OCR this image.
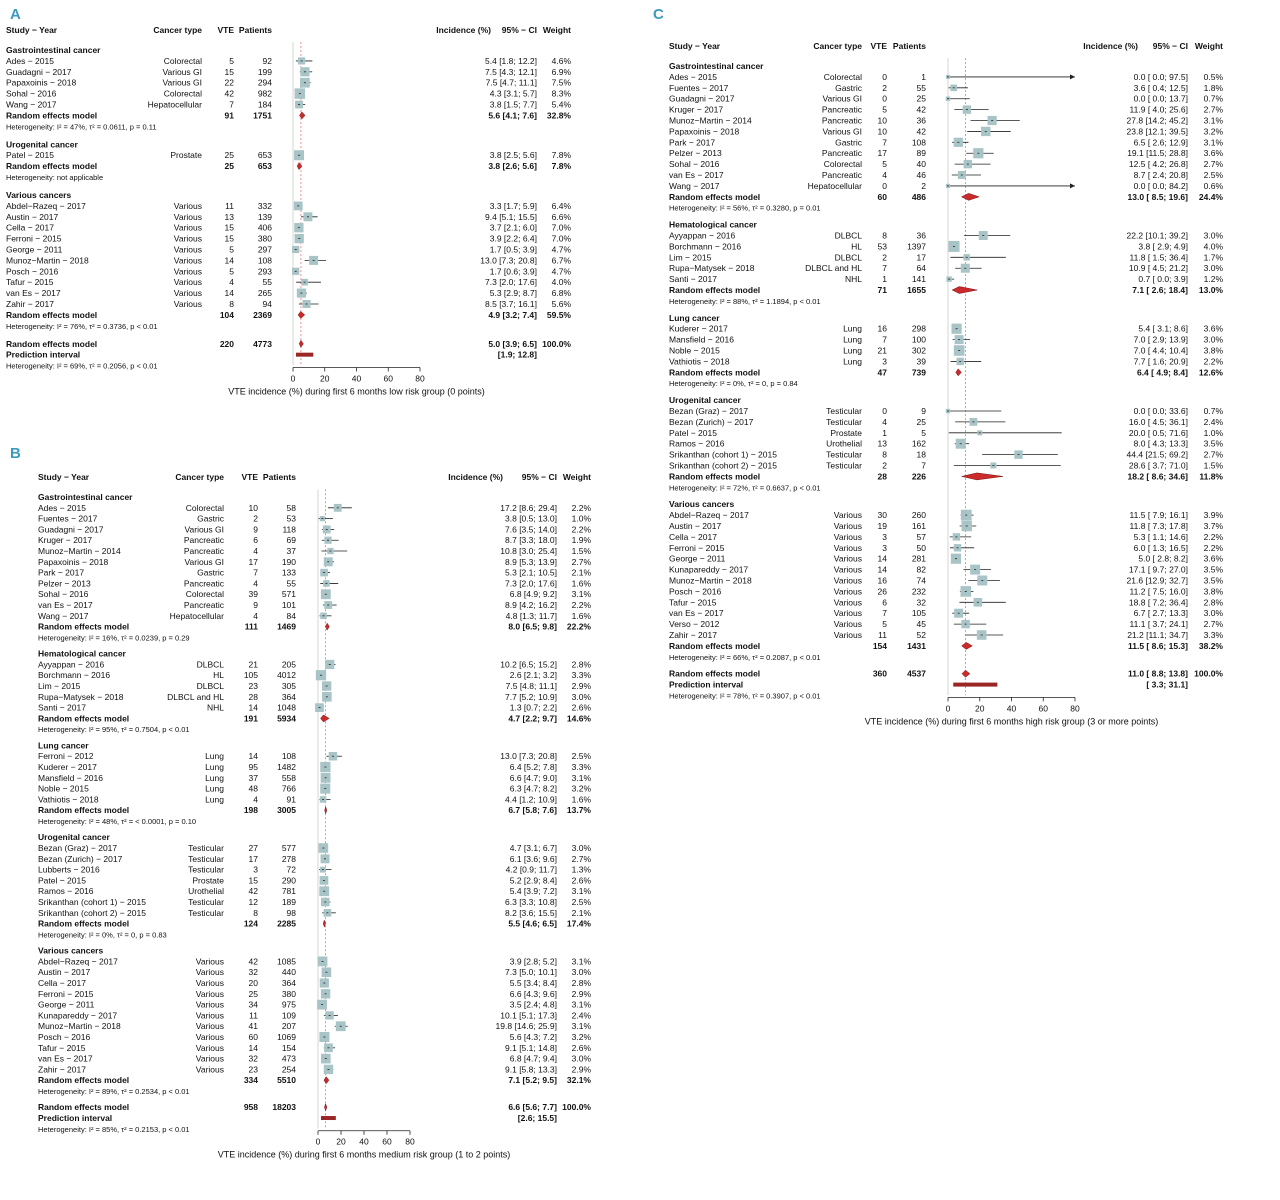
A
Study − Year	Cancer type VTE Patients	Incidence (%) 95% − CI Weight
Gastrointestinal cancer
Ades − 2015	Colorectal	5	92	5.4 [1.8; 12.2] 4.6%
Guadagni − 2017	Various GI	15	199	7.5 [4.3; 12.1] 6.9%
Papaxoinis − 2018	Various GI	22	294	7.5 [4.7; 11.1] 7.5%
Sohal − 2016	Colorectal	42	982	4.3 [3.1; 5.7] 8.3%
Wang − 2017	Hepatocellular	7	184	3.8 [1.5; 7.7] 5.4%
Random effects model	91 1751	5.6 [4.1; 7.6] 32.8%
Heterogeneity: I² = 47%, τ² = 0.0611, p = 0.11
Urogenital cancer
Patel − 2015	Prostate	25	653	3.8 [2.5; 5.6] 7.8%
Random effects model	25	653	3.8 [2.6; 5.6] 7.8%
Heterogeneity: not applicable
Various cancers
Abdel−Razeq − 2017	Various	11	332	3.3 [1.7; 5.9] 6.4%
Austin − 2017	Various	13	139	9.4 [5.1; 15.5] 6.6%
Cella − 2017	Various	15	406	3.7 [2.1; 6.0] 7.0%
Ferroni − 2015	Various	15	380	3.9 [2.2; 6.4] 7.0%
George − 2011	Various	5	297	1.7 [0.5; 3.9] 4.7%
Munoz−Martin − 2018	Various	14	108	13.0 [7.3; 20.8] 6.7%
Posch − 2016	Various	5	293	1.7 [0.6; 3.9] 4.7%
Tafur − 2015	Various	4	55	7.3 [2.0; 17.6] 4.0%
van Es − 2017	Various	14	265	5.3 [2.9; 8.7] 6.8%
Zahir − 2017	Various	8	94	8.5 [3.7; 16.1] 5.6%
Random effects model	104 2369	4.9 [3.2; 7.4] 59.5%
Heterogeneity: I² = 76%, τ² = 0.3736, p < 0.01
Random effects model	220 4773	5.0 [3.9; 6.5] 100.0%
Prediction interval	[1.9; 12.8]
Heterogeneity: I² = 69%, τ² = 0.2056, p < 0.01
0	20	40	60	80
VTE incidence (%) during first 6 months low risk group (0 points)
B
Study − Year	Cancer type VTE Patients	Incidence (%) 95% − CI Weight
Gastrointestinal cancer
Ades − 2015	Colorectal	10	58	17.2 [8.6; 29.4] 2.2%
Fuentes − 2017	Gastric	2	53	3.8 [0.5; 13.0] 1.0%
Guadagni − 2017	Various GI	9	118	7.6 [3.5; 14.0] 2.2%
Kruger − 2017	Pancreatic	6	69	8.7 [3.3; 18.0] 1.9%
Munoz−Martin − 2014	Pancreatic	4	37	10.8 [3.0; 25.4] 1.5%
Papaxoinis − 2018	Various GI	17	190	8.9 [5.3; 13.9] 2.7%
Park − 2017	Gastric	7	133	5.3 [2.1; 10.5] 2.1%
Pelzer − 2013	Pancreatic	4	55	7.3 [2.0; 17.6] 1.6%
Sohal − 2016	Colorectal	39	571	6.8 [4.9; 9.2] 3.1%
van Es − 2017	Pancreatic	9	101	8.9 [4.2; 16.2] 2.2%
Wang − 2017	Hepatocellular	4	84	4.8 [1.3; 11.7] 1.6%
Random effects model	111 1469	8.0 [6.5; 9.8] 22.2%
Heterogeneity: I² = 16%, τ² = 0.0239, p = 0.29
Hematological cancer
Ayyappan − 2016	DLBCL	21	205	10.2 [6.5; 15.2] 2.8%
Borchmann − 2016	HL 105 4012	2.6 [2.1; 3.2] 3.3%
Lim − 2015	DLBCL	23	305	7.5 [4.8; 11.1] 2.9%
Rupa−Matysek − 2018	DLBCL and HL	28	364	7.7 [5.2; 10.9] 3.0%
Santi − 2017	NHL	14 1048	1.3 [0.7; 2.2] 2.6%
Random effects model	191 5934	4.7 [2.2; 9.7] 14.6%
Heterogeneity: I² = 95%, τ² = 0.7504, p < 0.01
Lung cancer
Ferroni − 2012	Lung	14	108	13.0 [7.3; 20.8] 2.5%
Kuderer − 2017	Lung	95 1482	6.4 [5.2; 7.8] 3.3%
Mansfield − 2016	Lung	37	558	6.6 [4.7; 9.0] 3.1%
Noble − 2015	Lung	48	766	6.3 [4.7; 8.2] 3.2%
Vathiotis − 2018	Lung	4	91	4.4 [1.2; 10.9] 1.6%
Random effects model	198 3005	6.7 [5.8; 7.6] 13.7%
Heterogeneity: I² = 48%, τ² = < 0.0001, p = 0.10
Urogenital cancer
Bezan (Graz) − 2017	Testicular	27	577	4.7 [3.1; 6.7] 3.0%
Bezan (Zurich) − 2017	Testicular	17	278	6.1 [3.6; 9.6] 2.7%
Lubberts − 2016	Testicular	3	72	4.2 [0.9; 11.7] 1.3%
Patel − 2015	Prostate	15	290	5.2 [2.9; 8.4] 2.6%
Ramos − 2016	Urothelial	42	781	5.4 [3.9; 7.2] 3.1%
Srikanthan (cohort 1) − 2015	Testicular	12	189	6.3 [3.3; 10.8] 2.5%
Srikanthan (cohort 2) − 2015	Testicular	8	98	8.2 [3.6; 15.5] 2.1%
Random effects model	124 2285	5.5 [4.6; 6.5] 17.4%
Heterogeneity: I² = 0%, τ² = 0, p = 0.83
Various cancers
Abdel−Razeq − 2017	Various	42 1085	3.9 [2.8; 5.2] 3.1%
Austin − 2017	Various	32	440	7.3 [5.0; 10.1] 3.0%
Cella − 2017	Various	20	364	5.5 [3.4; 8.4] 2.8%
Ferroni − 2015	Various	25	380	6.6 [4.3; 9.6] 2.9%
George − 2011	Various	34	975	3.5 [2.4; 4.8] 3.1%
Kunapareddy − 2017	Various	11	109	10.1 [5.1; 17.3] 2.4%
Munoz−Martin − 2018	Various	41	207	19.8 [14.6; 25.9] 3.1%
Posch − 2016	Various	60 1069	5.6 [4.3; 7.2] 3.2%
Tafur − 2015	Various	14	154	9.1 [5.1; 14.8] 2.6%
van Es − 2017	Various	32	473	6.8 [4.7; 9.4] 3.0%
Zahir − 2017	Various	23	254	9.1 [5.8; 13.3] 2.9%
Random effects model	334 5510	7.1 [5.2; 9.5] 32.1%
Heterogeneity: I² = 89%, τ² = 0.2534, p < 0.01
Random effects model	958 18203	6.6 [5.6; 7.7] 100.0%
Prediction interval	[2.6; 15.5]
Heterogeneity: I² = 85%, τ² = 0.2153, p < 0.01
0 20 40 60 80
VTE incidence (%) during first 6 months medium risk group (1 to 2 points)
C
Study − Year	Cancer type VTE Patients	Incidence (%) 95% − CI Weight
Gastrointestinal cancer
Ades − 2015	Colorectal 0	1	0.0 [ 0.0; 97.5] 0.5%
Fuentes − 2017	Gastric 2	55	3.6 [ 0.4; 12.5] 1.8%
Guadagni − 2017	Various GI 0	25	0.0 [ 0.0; 13.7] 0.7%
Kruger − 2017	Pancreatic 5	42	11.9 [ 4.0; 25.6] 2.7%
Munoz−Martin − 2014	Pancreatic 10	36	27.8 [14.2; 45.2] 3.1%
Papaxoinis − 2018	Various GI 10	42	23.8 [12.1; 39.5] 3.2%
Park − 2017	Gastric 7	108	6.5 [ 2.6; 12.9] 3.1%
Pelzer − 2013	Pancreatic 17	89	19.1 [11.5; 28.8] 3.6%
Sohal − 2016	Colorectal 5	40	12.5 [ 4.2; 26.8] 2.7%
van Es − 2017	Pancreatic 4	46	8.7 [ 2.4; 20.8] 2.5%
Wang − 2017	Hepatocellular 0	2	0.0 [ 0.0; 84.2] 0.6%
Random effects model	60	486	13.0 [ 8.5; 19.6] 24.4%
Heterogeneity: I² = 56%, τ² = 0.3280, p = 0.01
Hematological cancer
Ayyappan − 2016	DLBCL 8	36	22.2 [10.1; 39.2] 3.0%
Borchmann − 2016	HL 53 1397	3.8 [ 2.9; 4.9] 4.0%
Lim − 2015	DLBCL 2	17	11.8 [ 1.5; 36.4] 1.7%
Rupa−Matysek − 2018	DLBCL and HL 7	64	10.9 [ 4.5; 21.2] 3.0%
Santi − 2017	NHL 1	141	0.7 [ 0.0; 3.9] 1.2%
Random effects model	71 1655	7.1 [ 2.6; 18.4] 13.0%
Heterogeneity: I² = 88%, τ² = 1.1894, p < 0.01
Lung cancer
Kuderer − 2017	Lung 16	298	5.4 [ 3.1; 8.6] 3.6%
Mansfield − 2016	Lung 7	100	7.0 [ 2.9; 13.9] 3.0%
Noble − 2015	Lung 21	302	7.0 [ 4.4; 10.4] 3.8%
Vathiotis − 2018	Lung 3	39	7.7 [ 1.6; 20.9] 2.2%
Random effects model	47	739	6.4 [ 4.9; 8.4] 12.6%
Heterogeneity: I² = 0%, τ² = 0, p = 0.84
Urogenital cancer
Bezan (Graz) − 2017	Testicular 0	9	0.0 [ 0.0; 33.6] 0.7%
Bezan (Zurich) − 2017	Testicular 4	25	16.0 [ 4.5; 36.1] 2.4%
Patel − 2015	Prostate 1	5	20.0 [ 0.5; 71.6] 1.0%
Ramos − 2016	Urothelial 13	162	8.0 [ 4.3; 13.3] 3.5%
Srikanthan (cohort 1) − 2015	Testicular 8	18	44.4 [21.5; 69.2] 2.7%
Srikanthan (cohort 2) − 2015	Testicular 2	7	28.6 [ 3.7; 71.0] 1.5%
Random effects model	28	226	18.2 [ 8.6; 34.6] 11.8%
Heterogeneity: I² = 72%, τ² = 0.6637, p < 0.01
Various cancers
Abdel−Razeq − 2017	Various 30	260	11.5 [ 7.9; 16.1] 3.9%
Austin − 2017	Various 19	161	11.8 [ 7.3; 17.8] 3.7%
Cella − 2017	Various 3	57	5.3 [ 1.1; 14.6] 2.2%
Ferroni − 2015	Various 3	50	6.0 [ 1.3; 16.5] 2.2%
George − 2011	Various 14	281	5.0 [ 2.8; 8.2] 3.6%
Kunapareddy − 2017	Various 14	82	17.1 [ 9.7; 27.0] 3.5%
Munoz−Martin − 2018	Various 16	74	21.6 [12.9; 32.7] 3.5%
Posch − 2016	Various 26	232	11.2 [ 7.5; 16.0] 3.8%
Tafur − 2015	Various 6	32	18.8 [ 7.2; 36.4] 2.8%
van Es − 2017	Various 7	105	6.7 [ 2.7; 13.3] 3.0%
Verso − 2012	Various 5	45	11.1 [ 3.7; 24.1] 2.7%
Zahir − 2017	Various 11	52	21.2 [11.1; 34.7] 3.3%
Random effects model	154 1431	11.5 [ 8.6; 15.3] 38.2%
Heterogeneity: I² = 66%, τ² = 0.2087, p < 0.01
Random effects model	360 4537	11.0 [ 8.8; 13.8] 100.0%
Prediction interval	[ 3.3; 31.1]
Heterogeneity: I² = 78%, τ² = 0.3907, p < 0.01
0	20	40	60	80
VTE incidence (%) during first 6 months high risk group (3 or more points)
